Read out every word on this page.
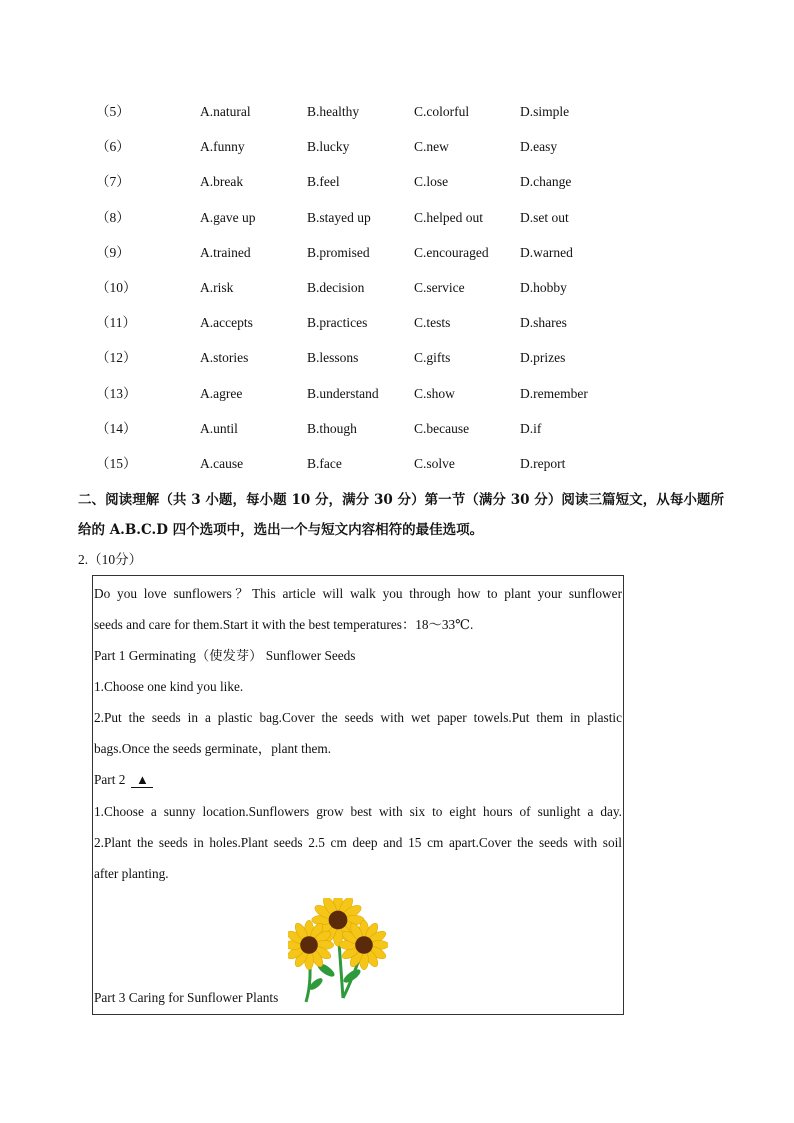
（5）	A.natural	B.healthy	C.colorful	D.simple
（6）	A.funny	B.lucky	C.new	D.easy
（7）	A.break	B.feel	C.lose	D.change
（8）	A.gave up	B.stayed up	C.helped out	D.set out
（9）	A.trained	B.promised	C.encouraged D.warned
（10）	A.risk	B.decision	C.service	D.hobby
（11）	A.accepts	B.practices	C.tests	D.shares
（12）	A.stories	B.lessons	C.gifts	D.prizes
（13）	A.agree	B.understand	C.show	D.remember
（14）	A.until	B.though	C.because	D.if
（15）	A.cause	B.face	C.solve	D.report
二、阅读理解（共 3 小题，每小题 10 分，满分 30 分）第一节（满分 30 分）阅读三篇短文，从每小题所给的 A.B.C.D 四个选项中，选出一个与短文内容相符的最佳选项。
2.（10分）
Do you love sunflowers？This article will walk you through how to plant your sunflower
seeds and care for them.Start it with the best temperatures：18～33℃.
Part 1 Germinating（使发芽） Sunflower Seeds
1.Choose one kind you like.
2.Put the seeds in a plastic bag.Cover the seeds with wet paper towels.Put them in plastic
bags.Once the seeds germinate，plant them.
Part 2 ▲
1.Choose a sunny location.Sunflowers grow best with six to eight hours of sunlight a day.
2.Plant the seeds in holes.Plant seeds 2.5 cm deep and 15 cm apart.Cover the seeds with soil
after planting.
Part 3 Caring for Sunflower Plants
